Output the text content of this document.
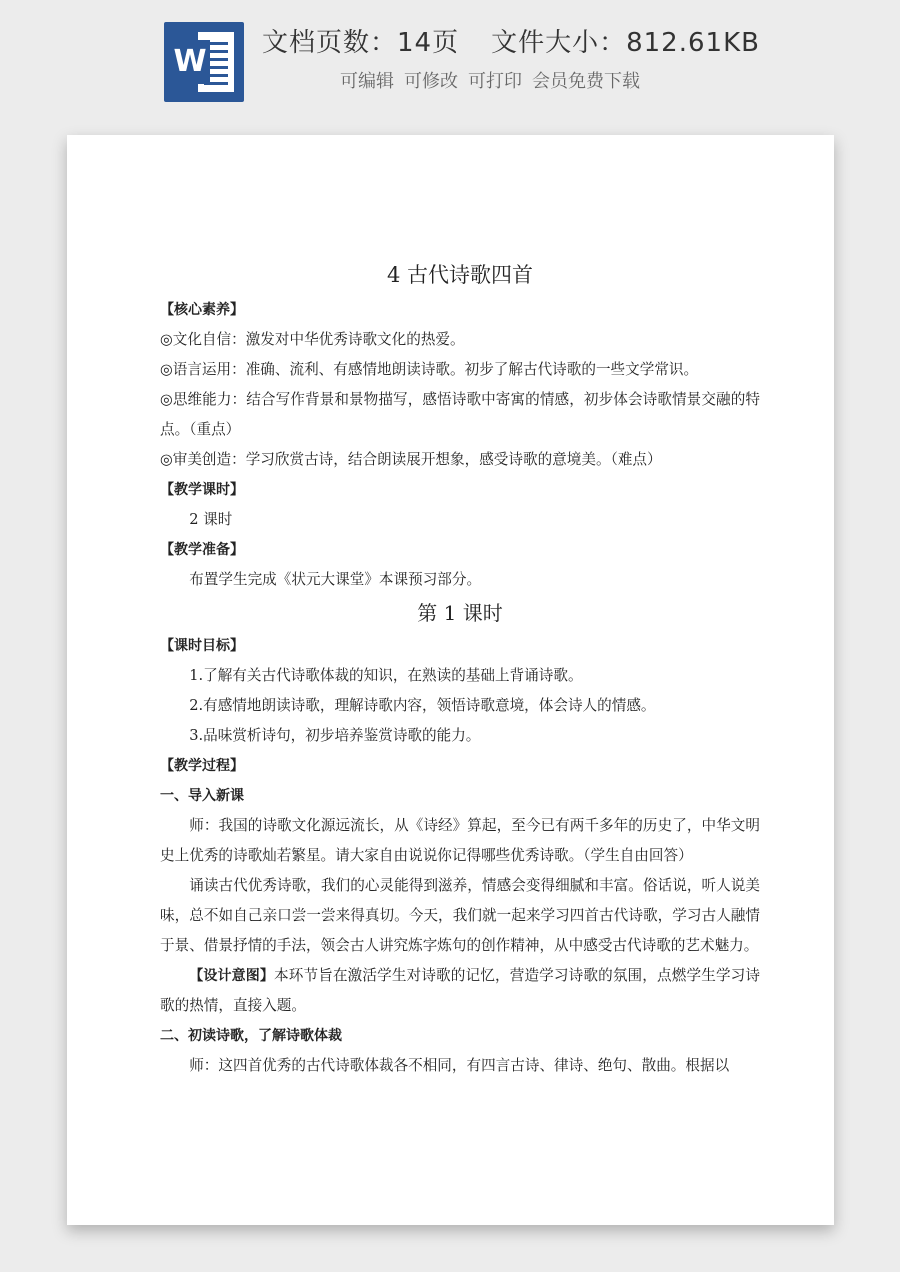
W
文档页数：14页 文件大小：812.61KB
可编辑 可修改 可打印 会员免费下载
4 古代诗歌四首

【核心素养】

◎文化自信：激发对中华优秀诗歌文化的热爱。

◎语言运用：准确、流利、有感情地朗读诗歌。初步了解古代诗歌的一些文学常识。

◎思维能力：结合写作背景和景物描写，感悟诗歌中寄寓的情感，初步体会诗歌情景交融的特点。（重点）

◎审美创造：学习欣赏古诗，结合朗读展开想象，感受诗歌的意境美。（难点）

【教学课时】

2 课时

【教学准备】

布置学生完成《状元大课堂》本课预习部分。

第 1 课时

【课时目标】

1.了解有关古代诗歌体裁的知识，在熟读的基础上背诵诗歌。

2.有感情地朗读诗歌，理解诗歌内容，领悟诗歌意境，体会诗人的情感。

3.品味赏析诗句，初步培养鉴赏诗歌的能力。

【教学过程】

一、导入新课

师：我国的诗歌文化源远流长，从《诗经》算起，至今已有两千多年的历史了，中华文明史上优秀的诗歌灿若繁星。请大家自由说说你记得哪些优秀诗歌。（学生自由回答）

诵读古代优秀诗歌，我们的心灵能得到滋养，情感会变得细腻和丰富。俗话说，听人说美味，总不如自己亲口尝一尝来得真切。今天，我们就一起来学习四首古代诗歌，学习古人融情于景、借景抒情的手法，领会古人讲究炼字炼句的创作精神，从中感受古代诗歌的艺术魅力。

【设计意图】本环节旨在激活学生对诗歌的记忆，营造学习诗歌的氛围，点燃学生学习诗歌的热情，直接入题。

二、初读诗歌，了解诗歌体裁

师：这四首优秀的古代诗歌体裁各不相同，有四言古诗、律诗、绝句、散曲。根据以
